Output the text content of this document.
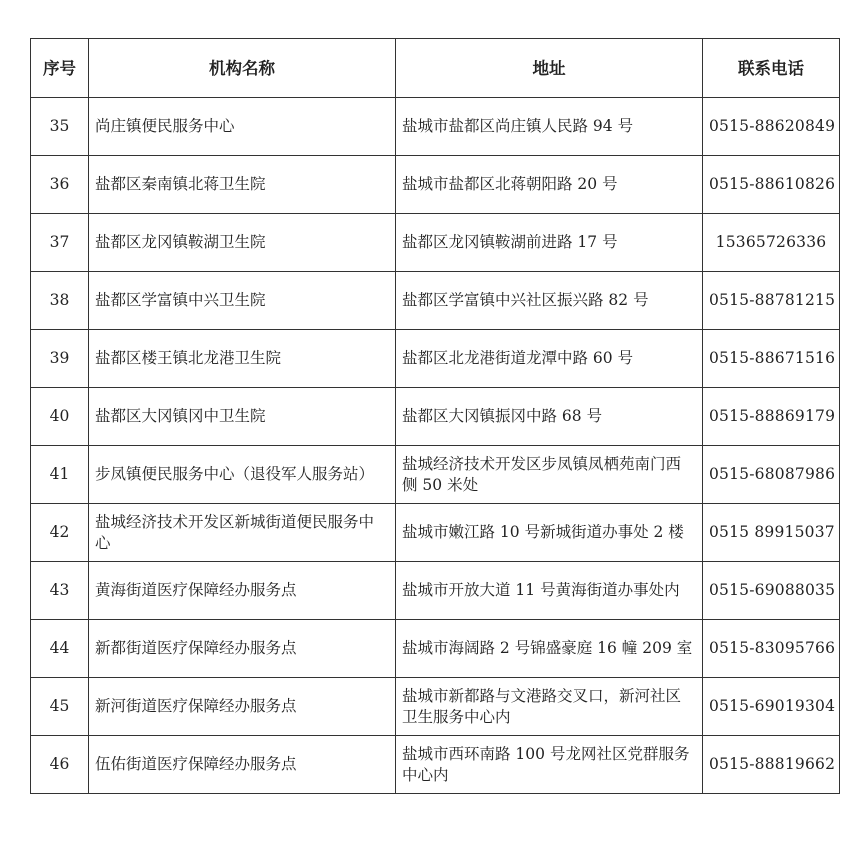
序号	机构名称	地址	联系电话
35	尚庄镇便民服务中心	盐城市盐都区尚庄镇人民路 94 号	0515-88620849
36	盐都区秦南镇北蒋卫生院	盐城市盐都区北蒋朝阳路 20 号	0515-88610826
37	盐都区龙冈镇鞍湖卫生院	盐都区龙冈镇鞍湖前进路 17 号	15365726336
38	盐都区学富镇中兴卫生院	盐都区学富镇中兴社区振兴路 82 号	0515-88781215
39	盐都区楼王镇北龙港卫生院	盐都区北龙港街道龙潭中路 60 号	0515-88671516
40	盐都区大冈镇冈中卫生院	盐都区大冈镇振冈中路 68 号	0515-88869179
41	步凤镇便民服务中心（退役军人服务站）	盐城经济技术开发区步凤镇凤栖苑南门西侧 50 米处	0515-68087986
42	盐城经济技术开发区新城街道便民服务中心	盐城市嫩江路 10 号新城街道办事处 2 楼	0515 89915037
43	黄海街道医疗保障经办服务点	盐城市开放大道 11 号黄海街道办事处内	0515-69088035
44	新都街道医疗保障经办服务点	盐城市海阔路 2 号锦盛豪庭 16 幢 209 室	0515-83095766
45	新河街道医疗保障经办服务点	盐城市新都路与文港路交叉口，新河社区卫生服务中心内	0515-69019304
46	伍佑街道医疗保障经办服务点	盐城市西环南路 100 号龙网社区党群服务中心内	0515-88819662
